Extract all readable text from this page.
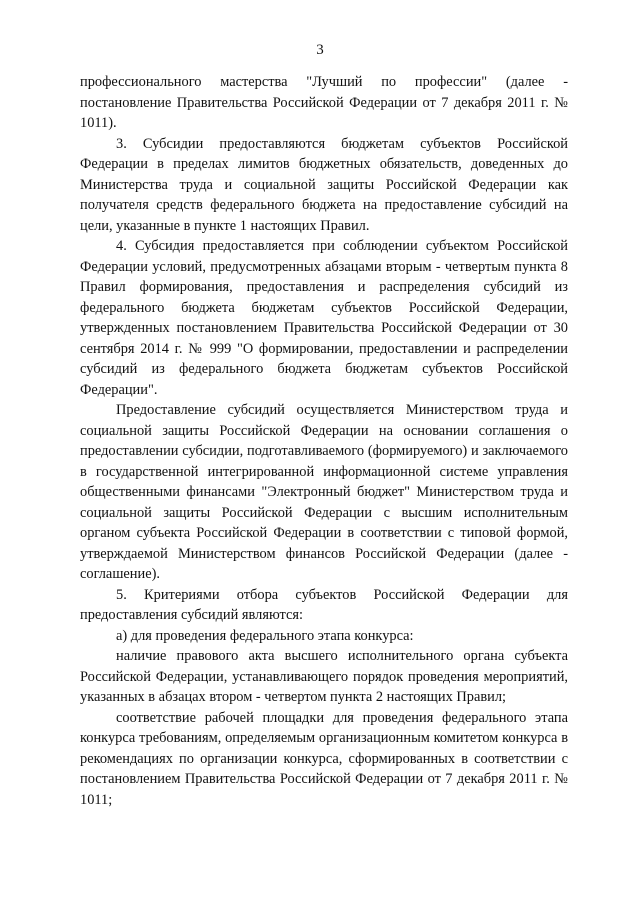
3

профессионального мастерства "Лучший по профессии" (далее - постановление Правительства Российской Федерации от 7 декабря 2011 г. № 1011).

3. Субсидии предоставляются бюджетам субъектов Российской Федерации в пределах лимитов бюджетных обязательств, доведенных до Министерства труда и социальной защиты Российской Федерации как получателя средств федерального бюджета на предоставление субсидий на цели, указанные в пункте 1 настоящих Правил.

4. Субсидия предоставляется при соблюдении субъектом Российской Федерации условий, предусмотренных абзацами вторым - четвертым пункта 8 Правил формирования, предоставления и распределения субсидий из федерального бюджета бюджетам субъектов Российской Федерации, утвержденных постановлением Правительства Российской Федерации от 30 сентября 2014 г. № 999 "О формировании, предоставлении и распределении субсидий из федерального бюджета бюджетам субъектов Российской Федерации".

Предоставление субсидий осуществляется Министерством труда и социальной защиты Российской Федерации на основании соглашения о предоставлении субсидии, подготавливаемого (формируемого) и заключаемого в государственной интегрированной информационной системе управления общественными финансами "Электронный бюджет" Министерством труда и социальной защиты Российской Федерации с высшим исполнительным органом субъекта Российской Федерации в соответствии с типовой формой, утверждаемой Министерством финансов Российской Федерации (далее - соглашение).

5. Критериями отбора субъектов Российской Федерации для предоставления субсидий являются:

а) для проведения федерального этапа конкурса:

наличие правового акта высшего исполнительного органа субъекта Российской Федерации, устанавливающего порядок проведения мероприятий, указанных в абзацах втором - четвертом пункта 2 настоящих Правил;

соответствие рабочей площадки для проведения федерального этапа конкурса требованиям, определяемым организационным комитетом конкурса в рекомендациях по организации конкурса, сформированных в соответствии с постановлением Правительства Российской Федерации от 7 декабря 2011 г. № 1011;
